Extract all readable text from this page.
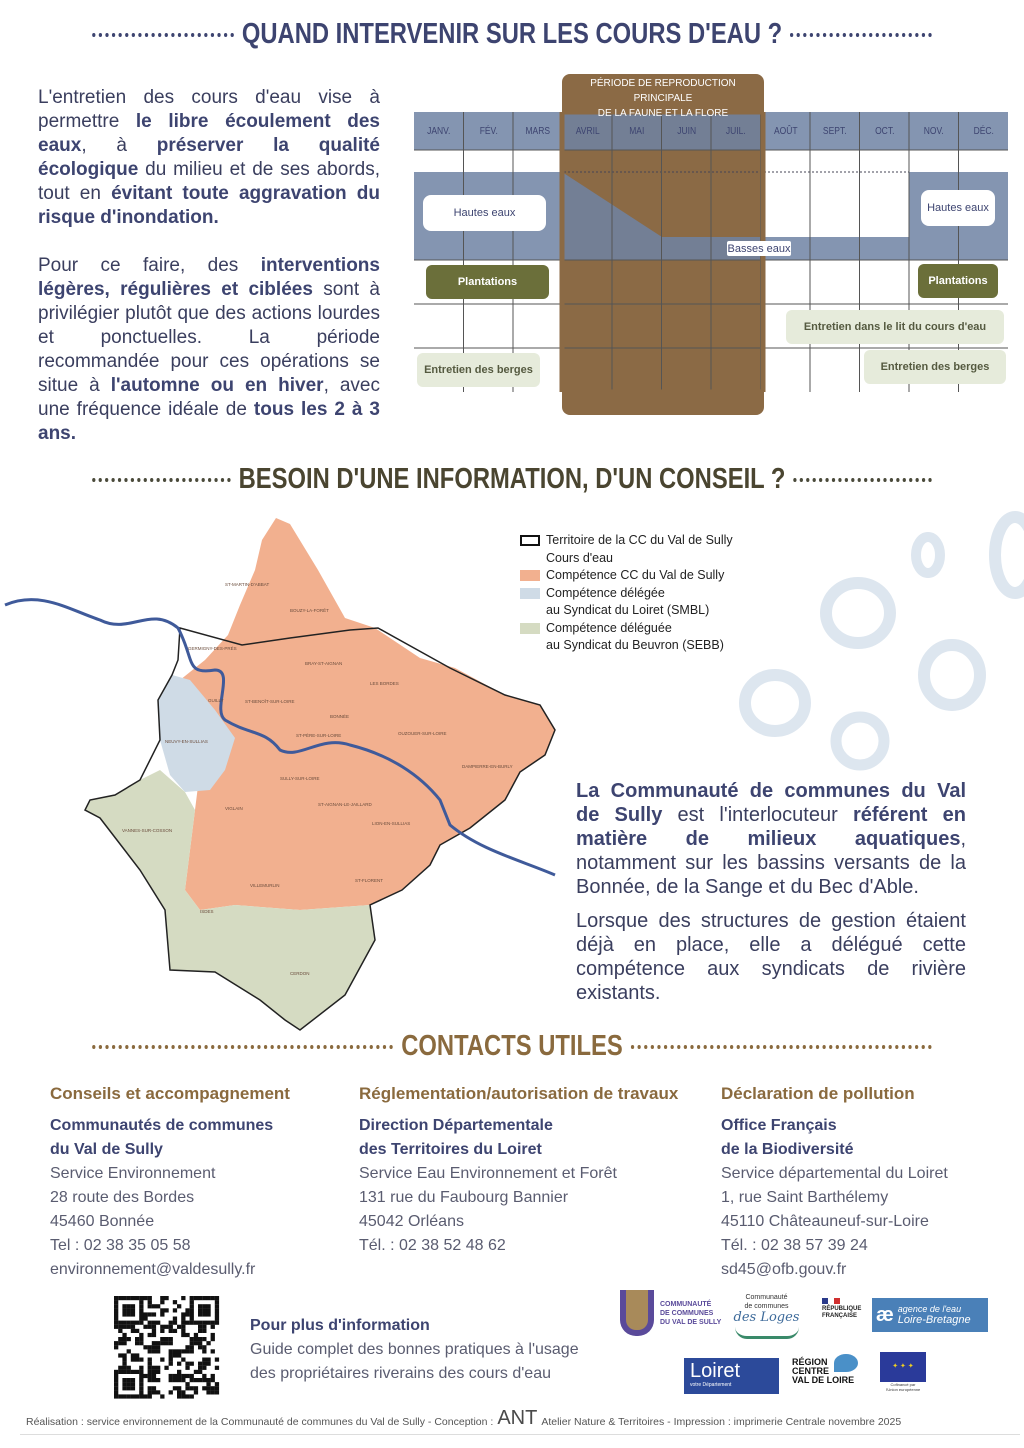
QUAND INTERVENIR SUR LES COURS D'EAU ?

L'entretien des cours d'eau vise à permettre le libre écoulement des eaux, à préserver la qualité écologique du milieu et de ses abords, tout en évitant toute aggravation du risque d'inondation.

Pour ce faire, des interventions légères, régulières et ciblées sont à privilégier plutôt que des actions lourdes et ponctuelles. La période recommandée pour ces opérations se situe à l'automne ou en hiver, avec une fréquence idéale de tous les 2 à 3 ans.

PÉRIODE DE REPRODUCTION PRINCIPALE
DE LA FAUNE ET LA FLORE
JANV.	FÉV.	MARS	AVRIL	MAI	JUIN	JUIL.	AOÛT	SEPT.	OCT.	NOV.	DÉC.
Hautes eaux	Hautes eaux
Basses eaux
Plantations	Plantations
Entretien dans le lit du cours d'eau
Entretien des berges	Entretien des berges
BESOIN D'UNE INFORMATION, D'UN CONSEIL ?
ST-MARTIN-D'ABBAT
BOUZY-LA-FORÊT
GERMIGNY-DES-PRÉS
BRAY-ST-AIGNAN
LES BORDES
GUILLY	ST-BENOÎT-SUR-LOIRE
BONNÉE
ST-PÈRE-SUR-LOIRE	OUZOUER-SUR-LOIRE
NEUVY-EN-SULLIAS
DAMPIERRE-EN-BURLY
SULLY-SUR-LOIRE
ST-AIGNAN-LE-JAILLARD
VIGLAIN
LION-EN-SULLIAS
VANNES-SUR-COSSON
VILLEMURLIN
ST-FLORENT
ISDES
CERDON
Territoire de la CC du Val de Sully
Cours d'eau
Compétence CC du Val de Sully
Compétence délégée
au Syndicat du Loiret (SMBL)
Compétence déléguée
au Syndicat du Beuvron (SEBB)

La Communauté de communes du Val de Sully est l'interlocuteur référent en matière de milieux aquatiques, notamment sur les bassins versants de la Bonnée, de la Sange et du Bec d'Able.

Lorsque des structures de gestion étaient déjà en place, elle a délégué cette compétence aux syndicats de rivière existants.

CONTACTS UTILES
Conseils et accompagnement
Communautés de communes
du Val de Sully
Service Environnement
28 route des Bordes
45460 Bonnée
Tel : 02 38 35 05 58
environnement@valdesully.fr
Réglementation/autorisation de travaux
Direction Départementale
des Territoires du Loiret
Service Eau Environnement et Forêt
131 rue du Faubourg Bannier
45042 Orléans
Tél. : 02 38 52 48 62
Déclaration de pollution
Office Français
de la Biodiversité
Service départemental du Loiret
1, rue Saint Barthélemy
45110 Châteauneuf-sur-Loire
Tél. : 02 38 57 39 24
sd45@ofb.gouv.fr
Pour plus d'information
Guide complet des bonnes pratiques à l'usage
des propriétaires riverains des cours d'eau
COMMUNAUTÉ
DE COMMUNES
DU VAL DE SULLY
Communauté
de communes
des Loges
RÉPUBLIQUE
FRANÇAISE æ agence de l'eau
Loire-Bretagne
Loiret
votre Département
RÉGION
CENTRE
VAL DE LOIRE
✦ ✦ ✦
Cofinancé par
l'Union européenne
Réalisation : service environnement de la Communauté de communes du Val de Sully - Conception : ANT Atelier Nature & Territoires - Impression : imprimerie Centrale novembre 2025
